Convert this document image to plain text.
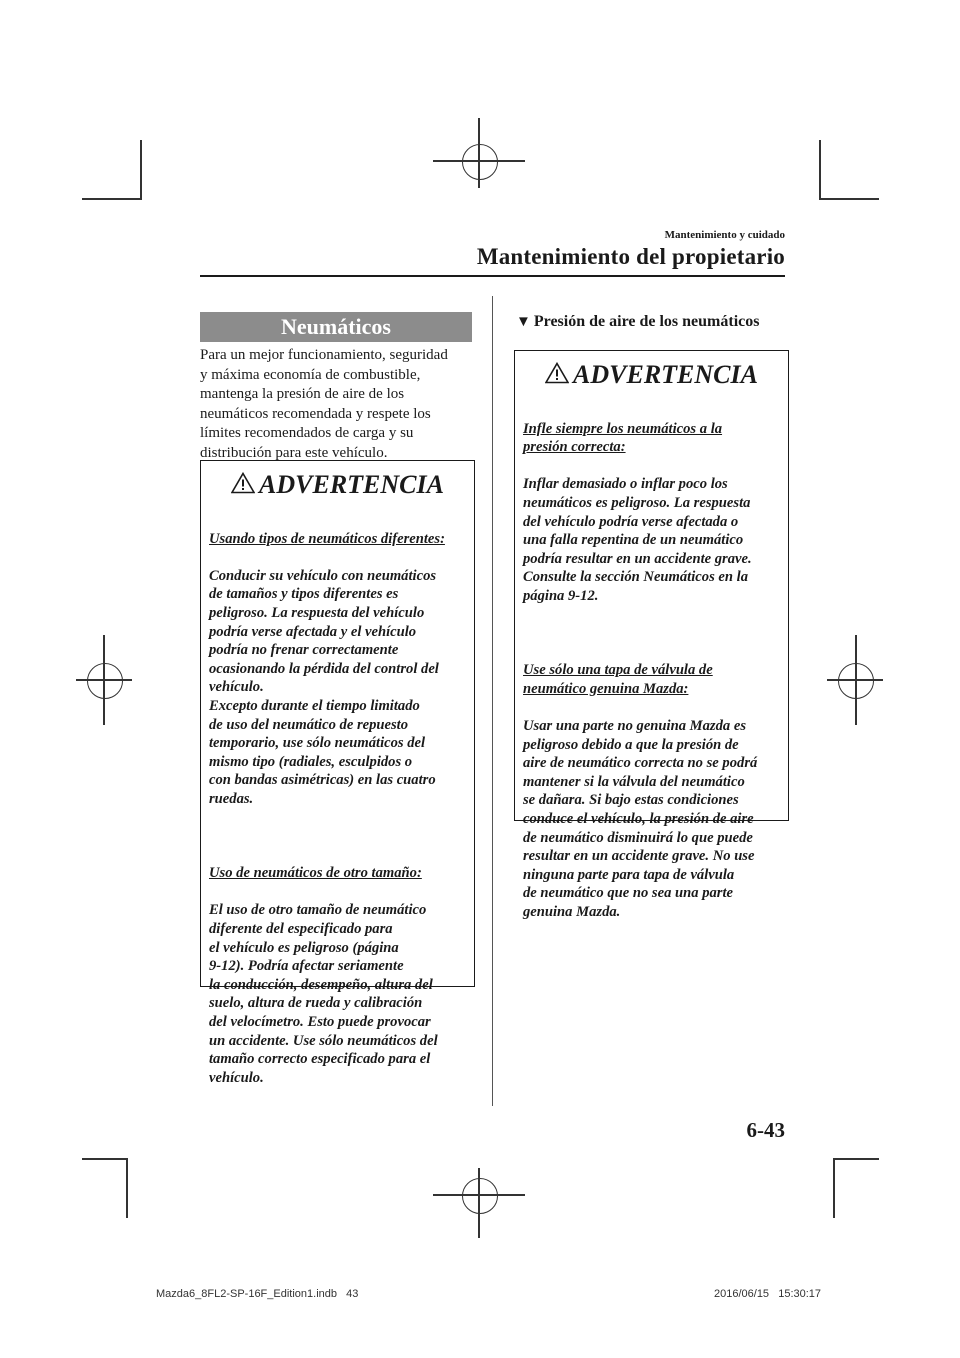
Mantenimiento y cuidado
Mantenimiento del propietario
Neumáticos
Para un mejor funcionamiento, seguridad
y máxima economía de combustible,
mantenga la presión de aire de los
neumáticos recomendada y respete los
límites recomendados de carga y su
distribución para este vehículo.
ADVERTENCIA

Usando tipos de neumáticos diferentes:

Conducir su vehículo con neumáticos
de tamaños y tipos diferentes es
peligroso. La respuesta del vehículo
podría verse afectada y el vehículo
podría no frenar correctamente
ocasionando la pérdida del control del
vehículo.
Excepto durante el tiempo limitado
de uso del neumático de repuesto
temporario, use sólo neumáticos del
mismo tipo (radiales, esculpidos o
con bandas asimétricas) en las cuatro
ruedas.

Uso de neumáticos de otro tamaño:

El uso de otro tamaño de neumático
diferente del especificado para
el vehículo es peligroso (página
9-12). Podría afectar seriamente
la conducción, desempeño, altura del
suelo, altura de rueda y calibración
del velocímetro. Esto puede provocar
un accidente. Use sólo neumáticos del
tamaño correcto especificado para el
vehículo.

▼ Presión de aire de los neumáticos
ADVERTENCIA

Infle siempre los neumáticos a la
presión correcta:

Inflar demasiado o inflar poco los
neumáticos es peligroso. La respuesta
del vehículo podría verse afectada o
una falla repentina de un neumático
podría resultar en un accidente grave.
Consulte la sección Neumáticos en la
página 9-12.

Use sólo una tapa de válvula de
neumático genuina Mazda:

Usar una parte no genuina Mazda es
peligroso debido a que la presión de
aire de neumático correcta no se podrá
mantener si la válvula del neumático
se dañara. Si bajo estas condiciones
conduce el vehículo, la presión de aire
de neumático disminuirá lo que puede
resultar en un accidente grave. No use
ninguna parte para tapa de válvula
de neumático que no sea una parte
genuina Mazda.

6-43
Mazda6_8FL2-SP-16F_Edition1.indb   43	2016/06/15   15:30:17
